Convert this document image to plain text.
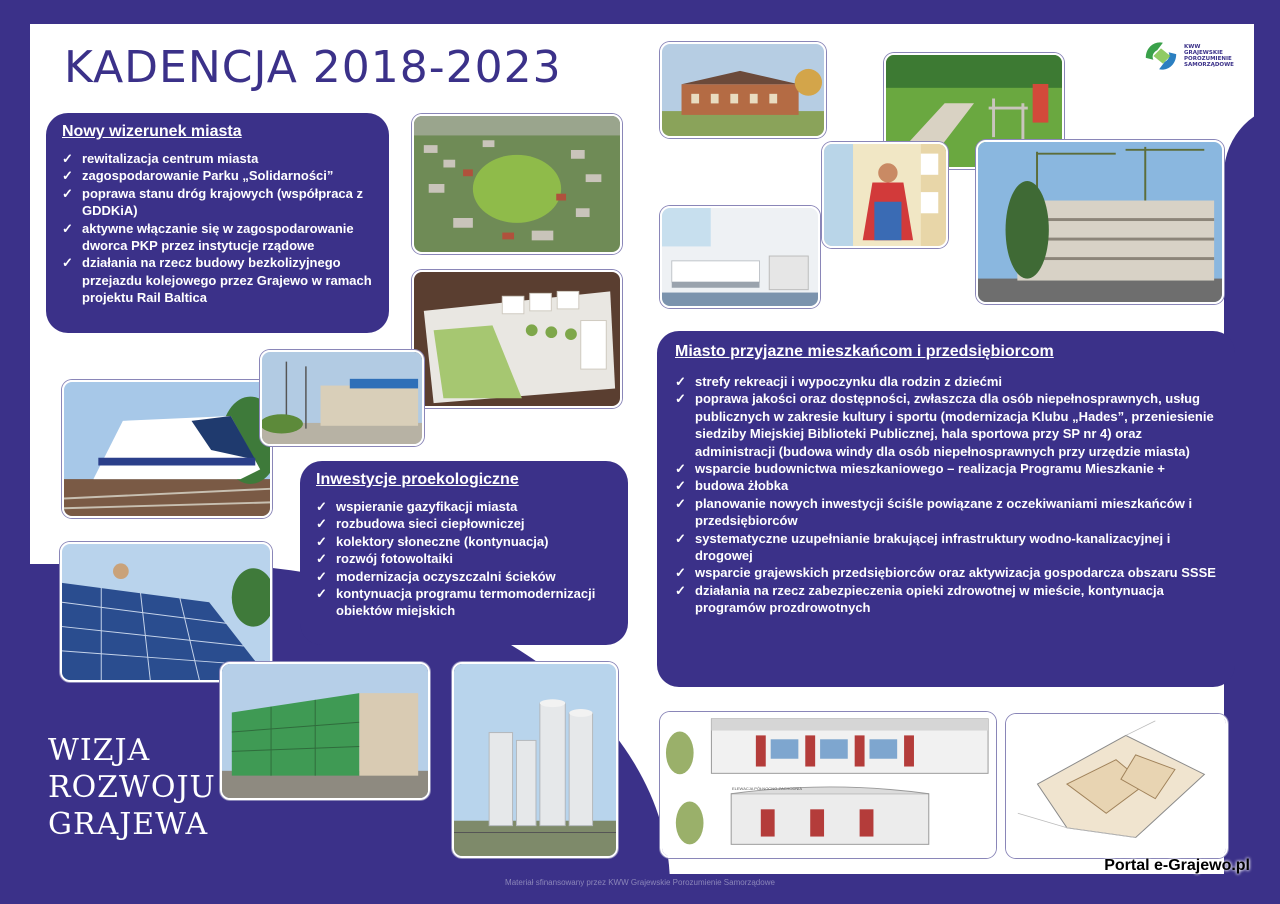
KADENCJA 2018-2023	KWW GRAJEWSKIE POROZUMIENIE SAMORZĄDOWE
Nowy wizerunek miasta
✓ rewitalizacja centrum miasta
✓ zagospodarowanie Parku „Solidarności”
✓ poprawa stanu dróg krajowych (współpraca z GDDKiA)
✓ aktywne włączanie się w zagospodarowanie dworca PKP przez instytucje rządowe
✓ działania na rzecz budowy bezkolizyjnego przejazdu kolejowego przez Grajewo w ramach projektu Rail Baltica
Inwestycje proekologiczne
✓ wspieranie gazyfikacji miasta
✓ rozbudowa sieci ciepłowniczej
✓ kolektory słoneczne (kontynuacja)
✓ rozwój fotowoltaiki
✓ modernizacja oczyszczalni ścieków
✓ kontynuacja programu termomodernizacji obiektów miejskich
Miasto przyjazne mieszkańcom i przedsiębiorcom
✓ strefy rekreacji i wypoczynku dla rodzin z dziećmi
✓ poprawa jakości oraz dostępności, zwłaszcza dla osób niepełnosprawnych, usług publicznych w zakresie kultury i sportu (modernizacja Klubu „Hades”, przeniesienie siedziby Miejskiej Biblioteki Publicznej, hala sportowa przy SP nr 4) oraz administracji (budowa windy dla osób niepełnosprawnych przy urzędzie miasta)
✓ wsparcie budownictwa mieszkaniowego – realizacja Programu Mieszkanie +
✓ budowa żłobka
✓ planowanie nowych inwestycji ściśle powiązane z oczekiwaniami mieszkańców i przedsiębiorców
✓ systematyczne uzupełnianie brakującej infrastruktury wodno-kanalizacyjnej i drogowej
✓ wsparcie grajewskich przedsiębiorców oraz aktywizacja gospodarcza obszaru SSSE
✓ działania na rzecz zabezpieczenia opieki zdrowotnej w mieście, kontynuacja programów prozdrowotnych
ELEWACJA PÓŁNOCNO-ZACHODNIA
WIZJA
ROZWOJU
GRAJEWA
Materiał sfinansowany przez KWW Grajewskie Porozumienie Samorządowe
Portal e-Grajewo.pl
